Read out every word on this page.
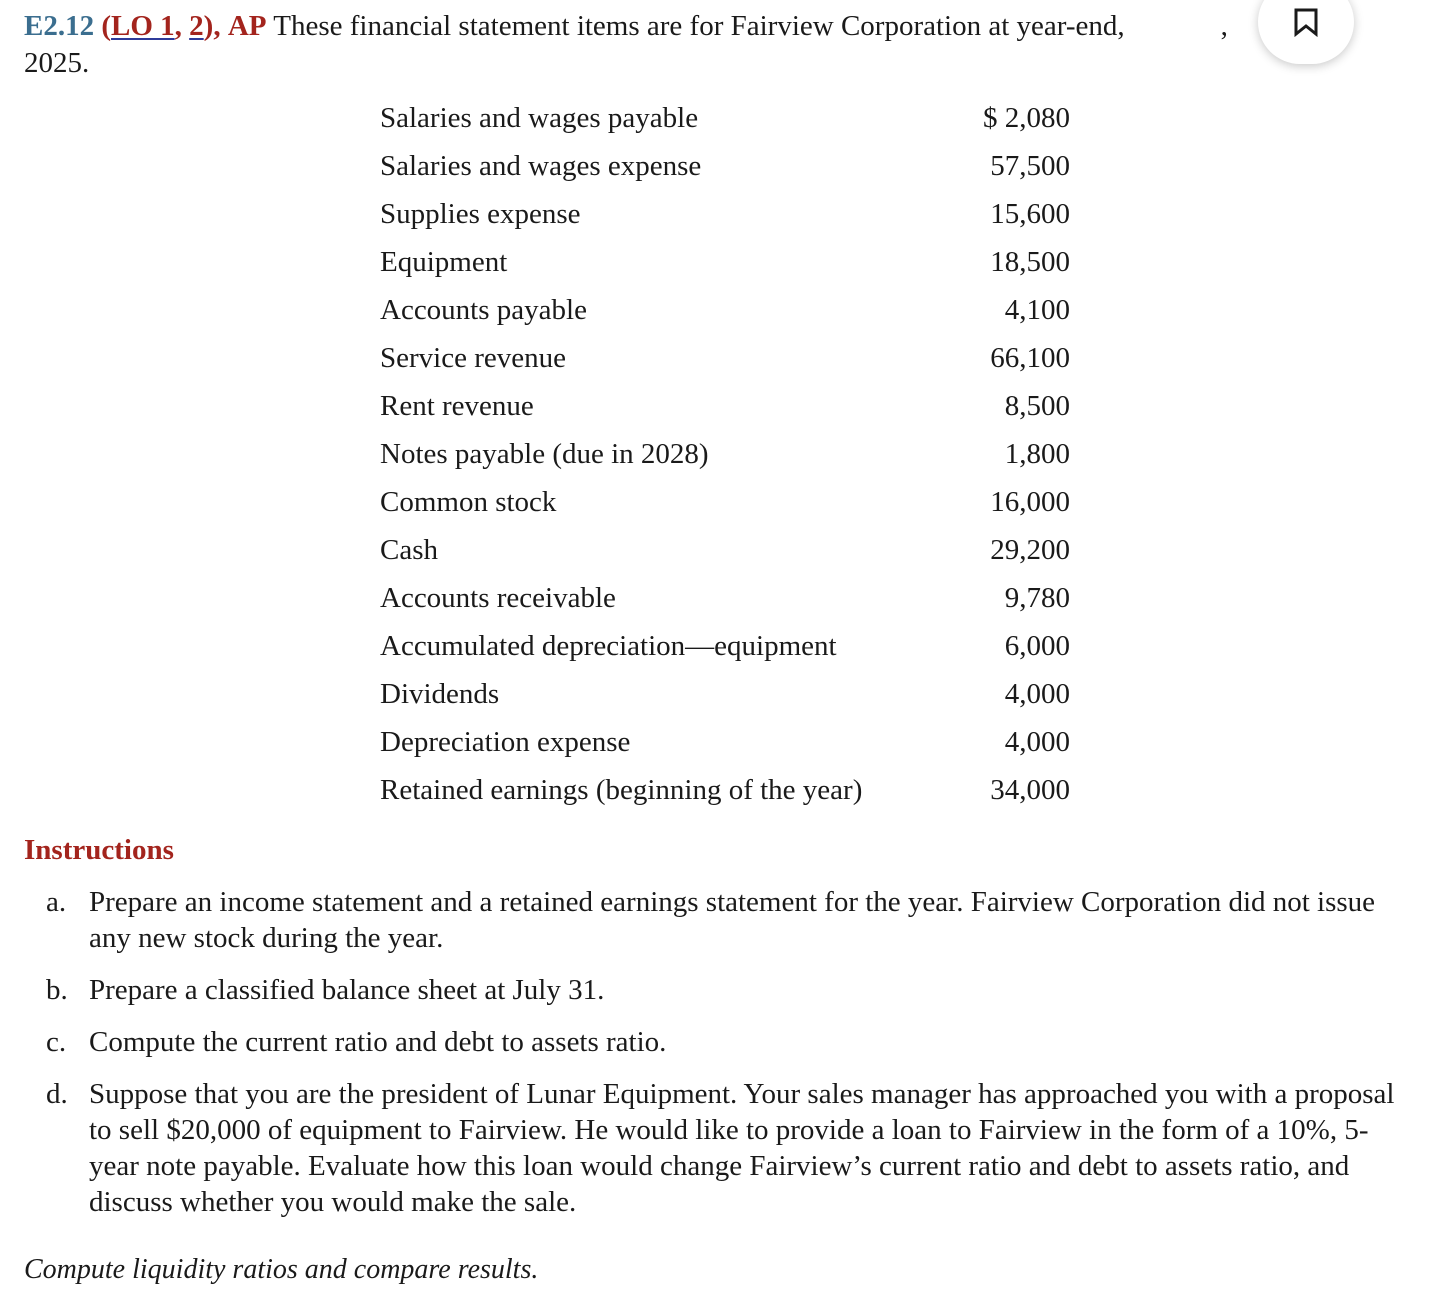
E2.12 (LO 1, 2), AP These financial statement items are for Fairview Corporation at year-end,	,
2025.
Salaries and wages payable	$ 2,080
Salaries and wages expense	57,500
Supplies expense	15,600
Equipment	18,500
Accounts payable	4,100
Service revenue	66,100
Rent revenue	8,500
Notes payable (due in 2028)	1,800
Common stock	16,000
Cash	29,200
Accounts receivable	9,780
Accumulated depreciation—equipment	6,000
Dividends	4,000
Depreciation expense	4,000
Retained earnings (beginning of the year)	34,000
Instructions
a. Prepare an income statement and a retained earnings statement for the year. Fairview Corporation did not issue any new stock during the year.
b. Prepare a classified balance sheet at July 31.
c. Compute the current ratio and debt to assets ratio.
d. Suppose that you are the president of Lunar Equipment. Your sales manager has approached you with a proposal to sell $20,000 of equipment to Fairview. He would like to provide a loan to Fairview in the form of a 10%, 5-year note payable. Evaluate how this loan would change Fairview’s current ratio and debt to assets ratio, and discuss whether you would make the sale.
Compute liquidity ratios and compare results.
